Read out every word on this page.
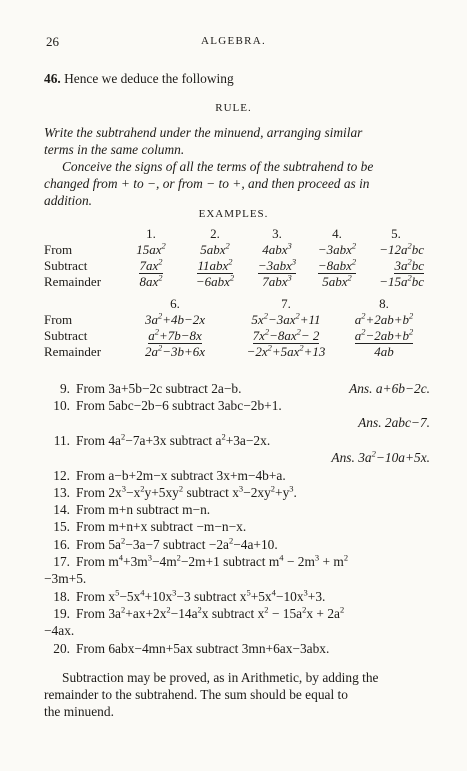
26	ALGEBRA.
46. Hence we deduce the following
RULE.
Write the subtrahend under the minuend, arranging similar
terms in the same column.
Conceive the signs of all the terms of the subtrahend to be
changed from + to −, or from − to +, and then proceed as in
addition.
EXAMPLES.
	1.	2.	3.	4.	5.
From	$15ax^2$	5abx$^2$	4abx$^3$	−3abx$^2$	$-12a^2bc$
Subtract	$7ax^2$	11abx$^2$	−3abx$^3$	−8abx$^2$	$3a^2bc$
Remainder	$8ax^2$	−6abx$^2$	7abx$^3$	5abx$^2$	$-15a^2bc$
	6.	7.	8.
From	$3a^2+4b-2x$	$5x^2-3ax^2+11$	$a^2+2ab+b^2$
Subtract	$a^2+7b-8x$	$7x^2-8ax^2- 2$	$a^2-2ab+b^2$
Remainder	$2a^2-3b+6x$	$-2x^2+5ax^2+13$	4ab
9. From 3a+5b−2c subtract 2a−b.	Ans. a+6b−2c.
10. From 5abc−2b−6 subtract 3abc−2b+1.
Ans. 2abc−7.
11. From $4a^2-7a+3x$ subtract $a^2+3a-2x$.
Ans. $3a^2-10a+5x$.
12. From a−b+2m−x subtract 3x+m−4b+a.
13. From $2x^3-x^2y+5xy^2$ subtract $x^3-2xy^2+y^3$.
14. From m+n subtract m−n.
15. From m+n+x subtract −m−n−x.
16. From $5a^2-3a-7$ subtract $-2a^2-4a+10$.
17. From $m^4+3m^3-4m^2-2m+1$ subtract $m^4 - 2m^3 + m^2$
−3m+5.
18. From $x^5-5x^4+10x^3-3$ subtract $x^5+5x^4-10x^3+3$.
19. From $3a^2+ax+2x^2-14a^2x$ subtract $x^2 - 15a^2x + 2a^2$
−4ax.
20. From 6abx−4mn+5ax subtract 3mn+6ax−3abx.
Subtraction may be proved, as in Arithmetic, by adding the
remainder to the subtrahend. The sum should be equal to
the minuend.
